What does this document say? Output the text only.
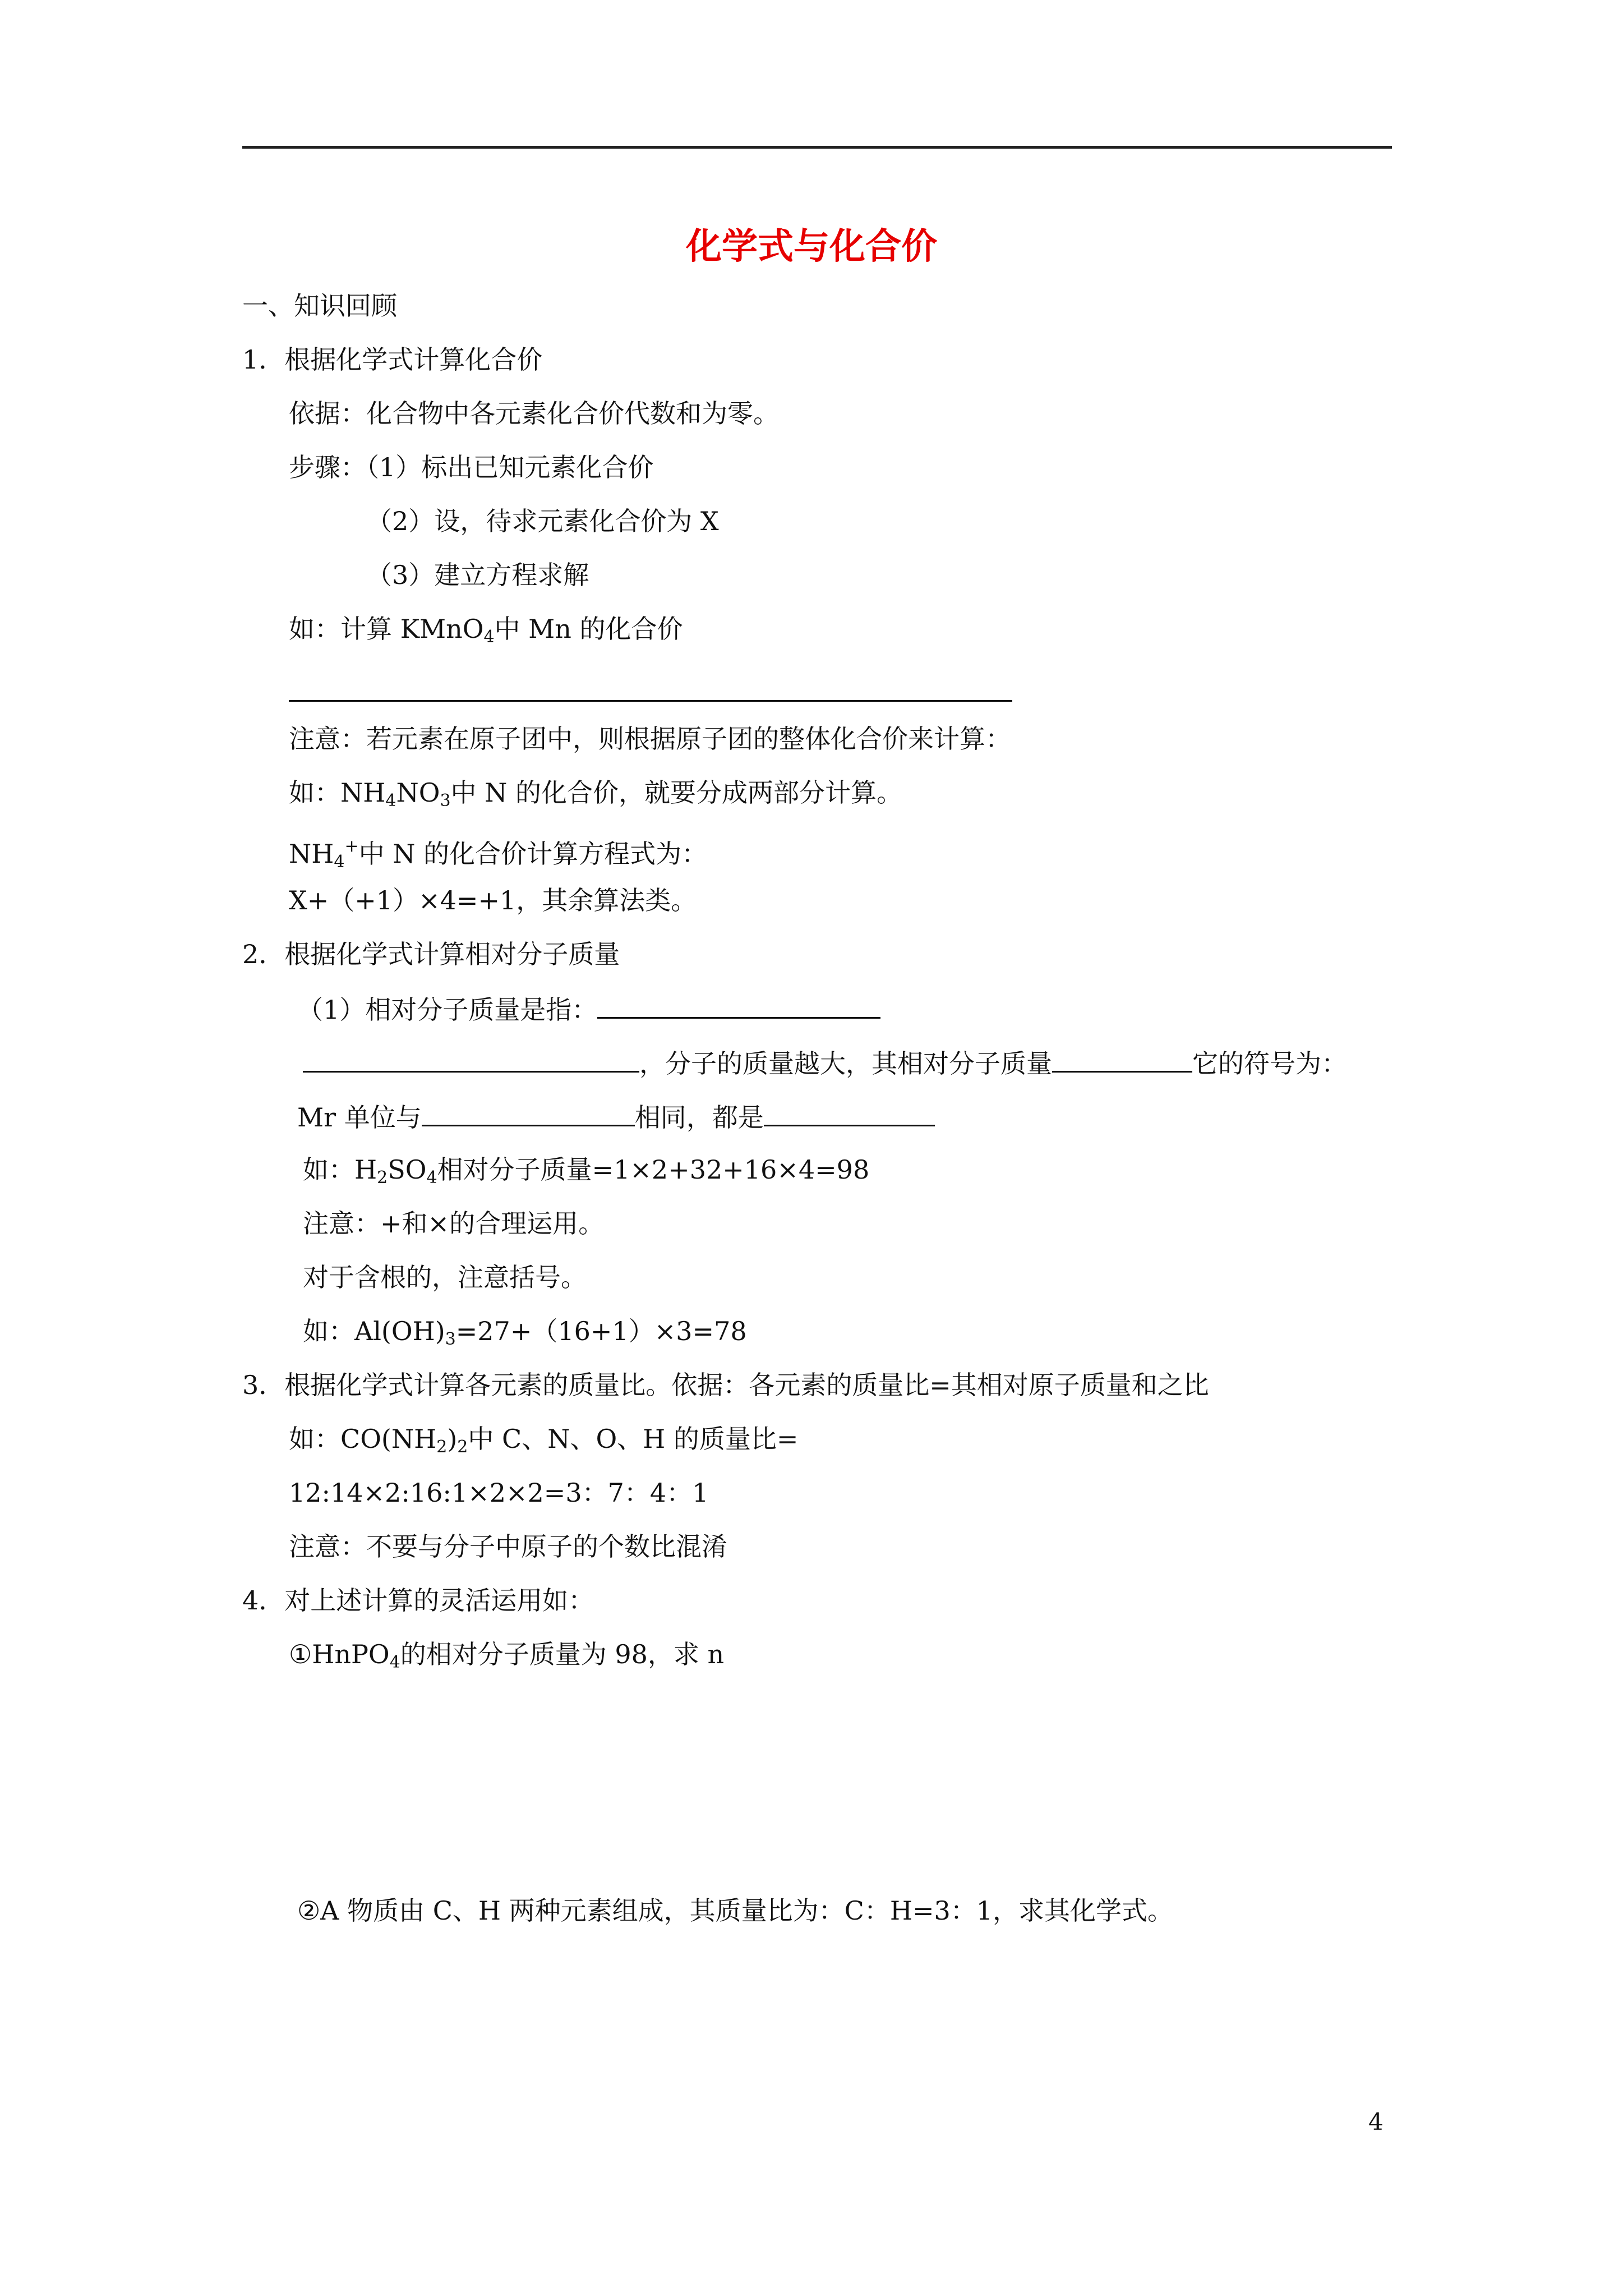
化学式与化合价
一、知识回顾
1．根据化学式计算化合价
依据：化合物中各元素化合价代数和为零。
步骤：（1）标出已知元素化合价
（2）设，待求元素化合价为 X
（3）建立方程求解
如：计算 KMnO$_4$中 Mn 的化合价
注意：若元素在原子团中，则根据原子团的整体化合价来计算：
如：$NH_4NO_3$中 N 的化合价，就要分成两部分计算。
$NH_4^+$中 N 的化合价计算方程式为：
X+（+1）×4=+1，其余算法类。
2．根据化学式计算相对分子质量
（1）相对分子质量是指：
，分子的质量越大，其相对分子质量	它的符号为：
Mr 单位与	相同，都是
如：$H_2SO_4$相对分子质量=1×2+32+16×4=98
注意：+和×的合理运用。
对于含根的，注意括号。
如：$Al(OH)_3=27+(16+1)\times 3=78$
3．根据化学式计算各元素的质量比。依据：各元素的质量比=其相对原子质量和之比
如：$CO(NH_2)_2$中 C、N、O、H 的质量比=
12:14×2:16:1×2×2=3：7：4：1
注意：不要与分子中原子的个数比混淆
4．对上述计算的灵活运用如：
①HnPO$_4$的相对分子质量为 98，求 n
②A 物质由 C、H 两种元素组成，其质量比为：C：H=3：1，求其化学式。
4
